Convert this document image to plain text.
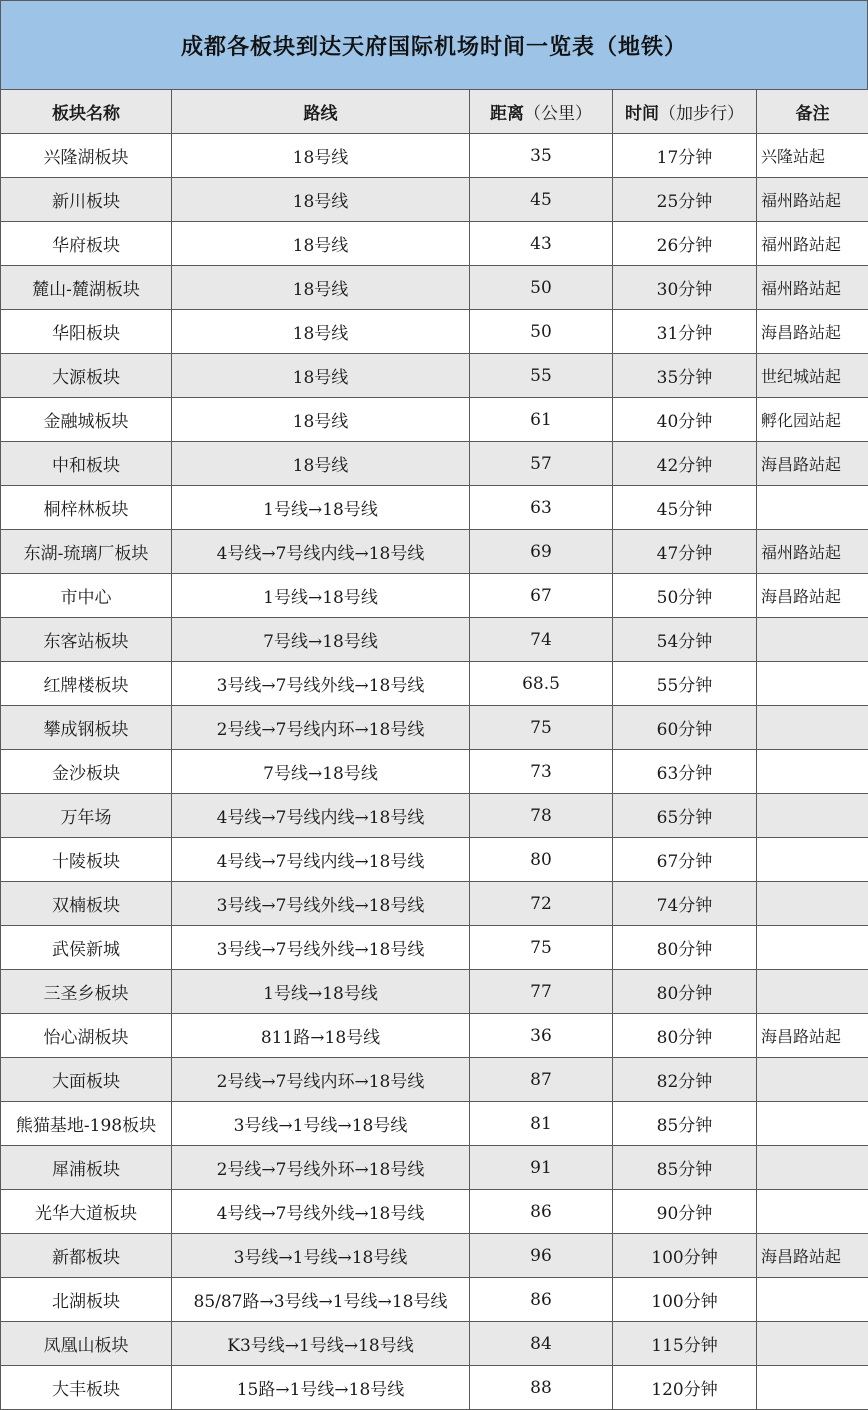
成都各板块到达天府国际机场时间一览表（地铁）
板块名称	路线	距离（公里）	时间（加步行）	备注
兴隆湖板块	18号线	35	17分钟	兴隆站起
新川板块	18号线	45	25分钟	福州路站起
华府板块	18号线	43	26分钟	福州路站起
麓山-麓湖板块	18号线	50	30分钟	福州路站起
华阳板块	18号线	50	31分钟	海昌路站起
大源板块	18号线	55	35分钟	世纪城站起
金融城板块	18号线	61	40分钟	孵化园站起
中和板块	18号线	57	42分钟	海昌路站起
桐梓林板块	1号线→18号线	63	45分钟	
东湖-琉璃厂板块	4号线→7号线内线→18号线	69	47分钟	福州路站起
市中心	1号线→18号线	67	50分钟	海昌路站起
东客站板块	7号线→18号线	74	54分钟	
红牌楼板块	3号线→7号线外线→18号线	68.5	55分钟	
攀成钢板块	2号线→7号线内环→18号线	75	60分钟	
金沙板块	7号线→18号线	73	63分钟	
万年场	4号线→7号线内线→18号线	78	65分钟	
十陵板块	4号线→7号线内线→18号线	80	67分钟	
双楠板块	3号线→7号线外线→18号线	72	74分钟	
武侯新城	3号线→7号线外线→18号线	75	80分钟	
三圣乡板块	1号线→18号线	77	80分钟	
怡心湖板块	811路→18号线	36	80分钟	海昌路站起
大面板块	2号线→7号线内环→18号线	87	82分钟	
熊猫基地-198板块	3号线→1号线→18号线	81	85分钟	
犀浦板块	2号线→7号线外环→18号线	91	85分钟	
光华大道板块	4号线→7号线外线→18号线	86	90分钟	
新都板块	3号线→1号线→18号线	96	100分钟	海昌路站起
北湖板块	85/87路→3号线→1号线→18号线	86	100分钟	
凤凰山板块	K3号线→1号线→18号线	84	115分钟	
大丰板块	15路→1号线→18号线	88	120分钟	
